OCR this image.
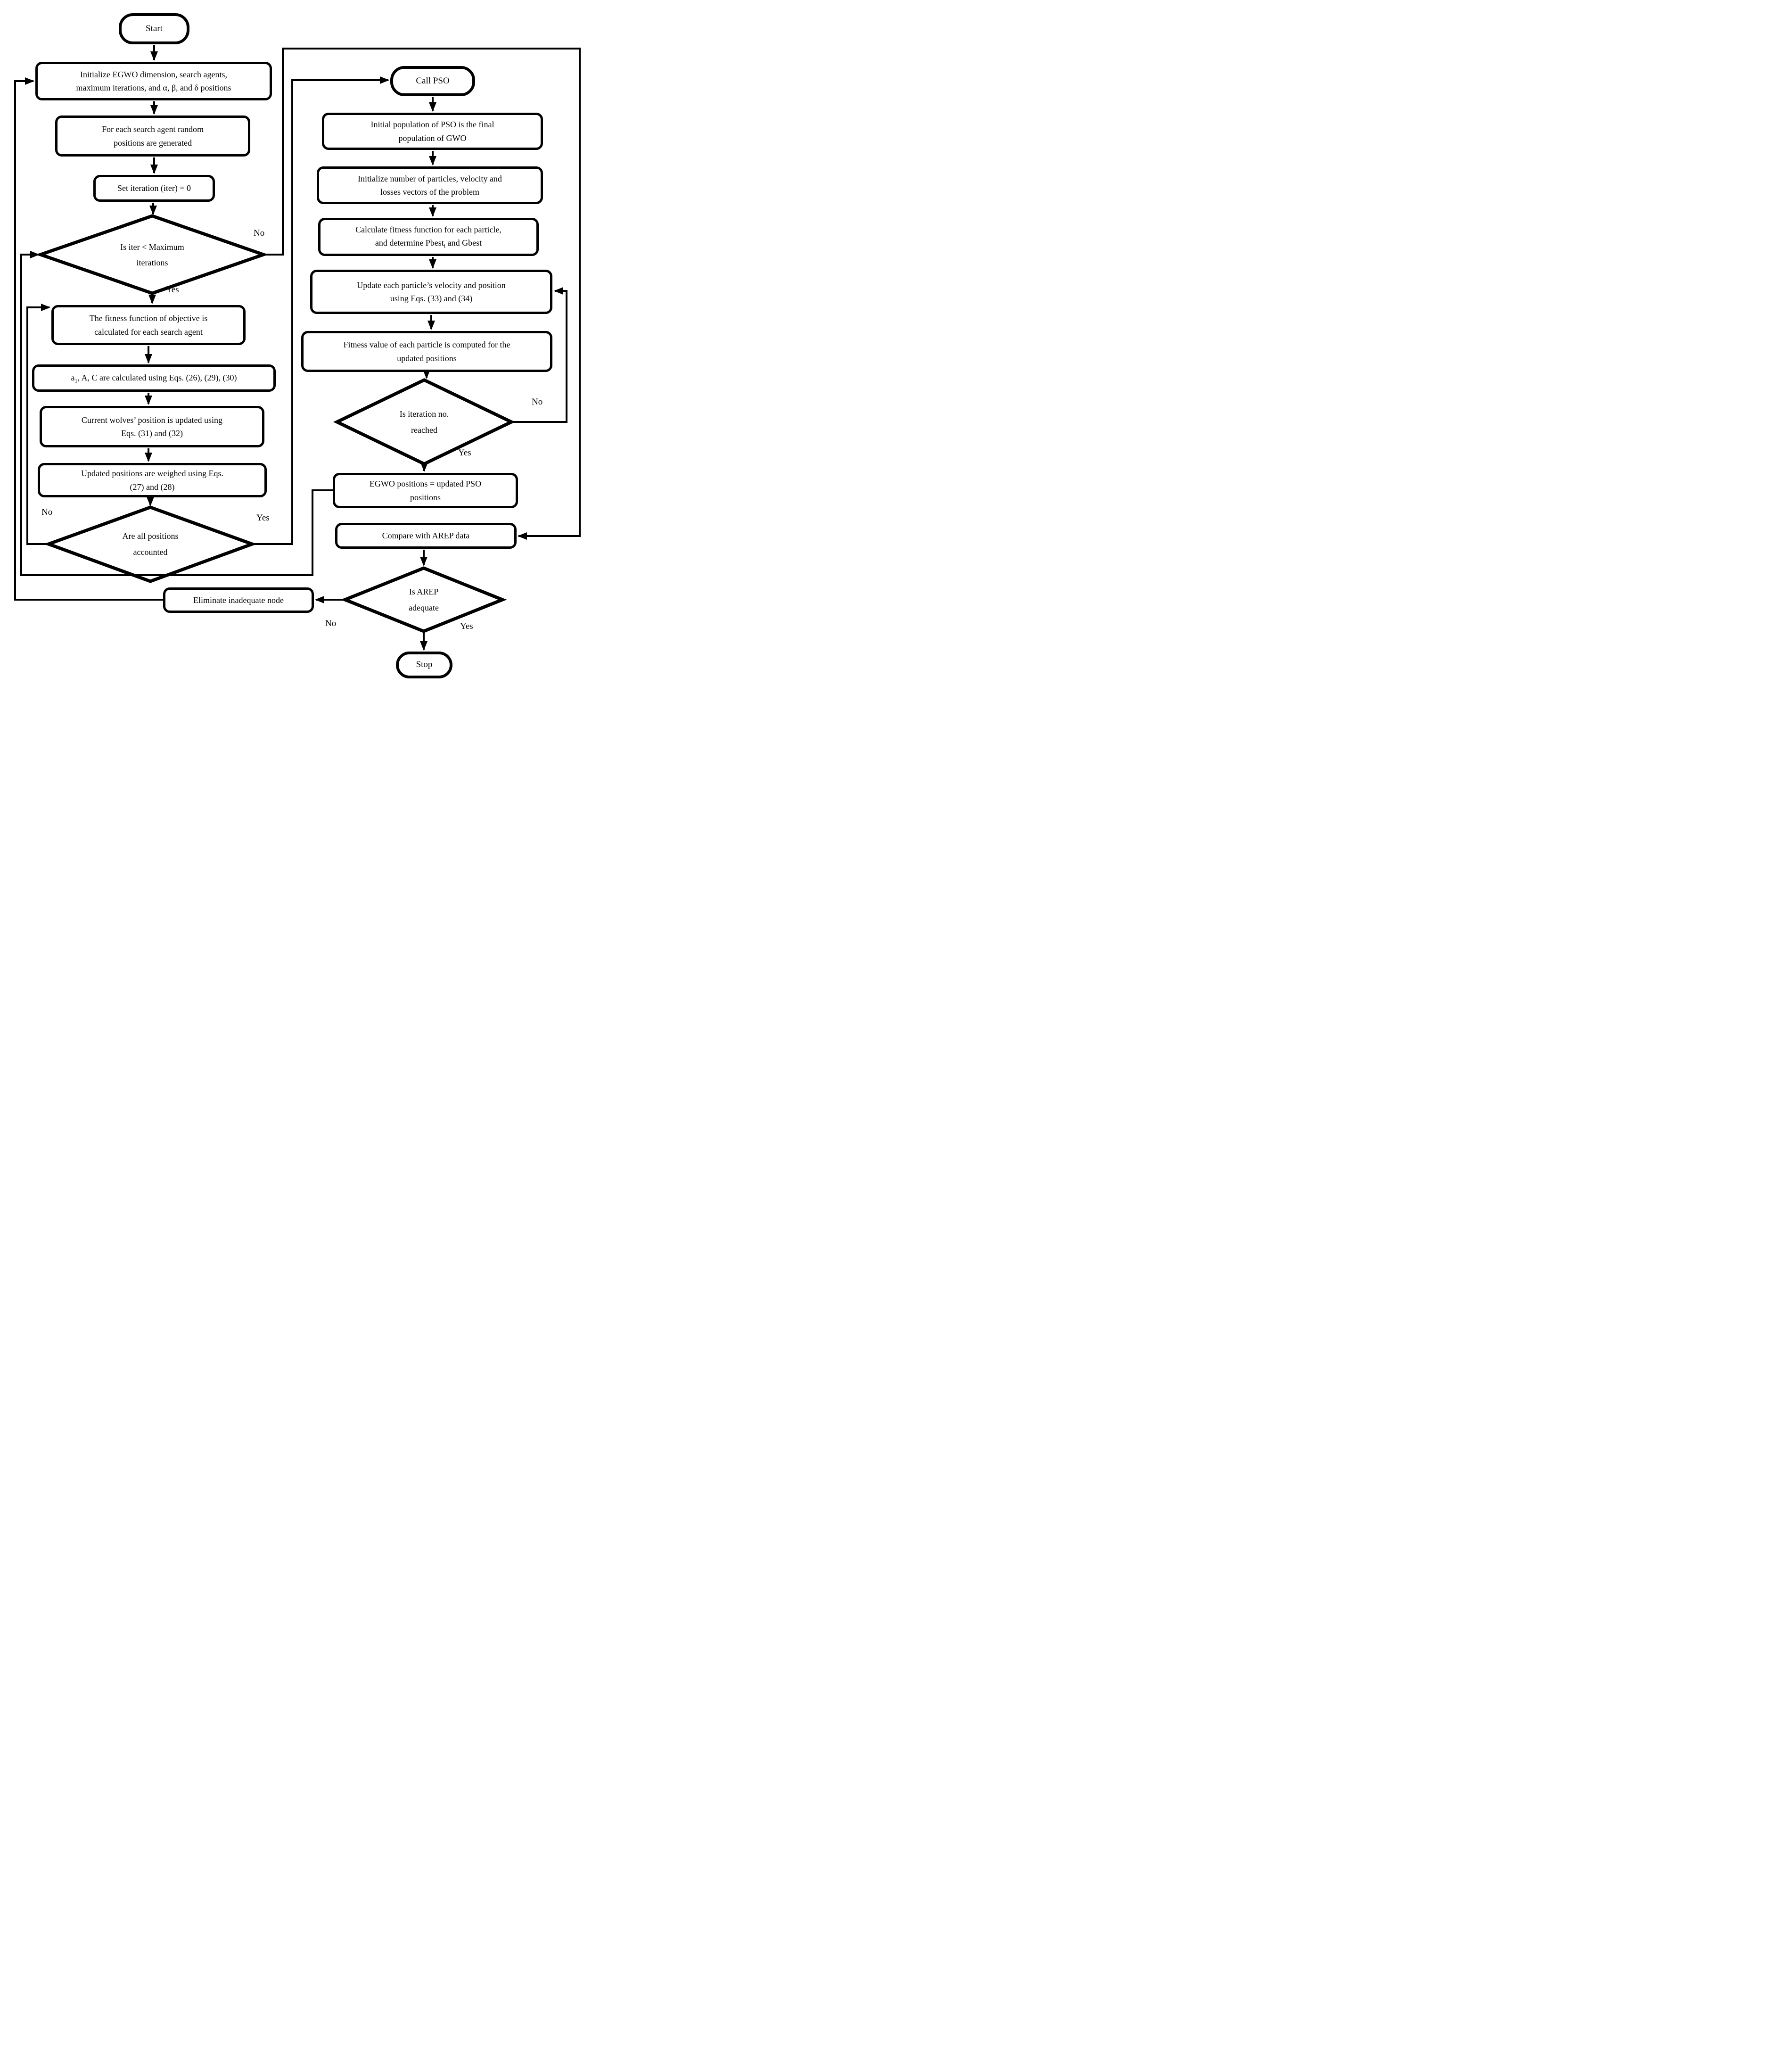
Start
Initialize EGWO dimension, search agents,
maximum iterations, and α, β, and δ positions
For each search agent random
positions are generated
Set iteration (iter) = 0
Is iter < Maximum
iterations
The fitness function of objective is
calculated for each search agent
$a_1$, A, C are calculated using Eqs. (26), (29), (30)
Current wolves’ position is updated using
Eqs. (31) and (32)
Updated positions are weighed using Eqs.
(27) and (28)
Are all positions
accounted
Eliminate inadequate node
Call PSO
Initial population of PSO is the final
population of GWO
Initialize number of particles, velocity and
losses vectors of the problem
Calculate fitness function for each particle,
and determine Pbest$_i$ and Gbest
Update each particle’s velocity and position
using Eqs. (33) and (34)
Fitness value of each particle is computed for the
updated positions
Is iteration no.
reached
EGWO positions = updated PSO
positions
Compare with AREP data
Is AREP
adequate
Stop
No
Yes
No
Yes
No
Yes
No	Yes
